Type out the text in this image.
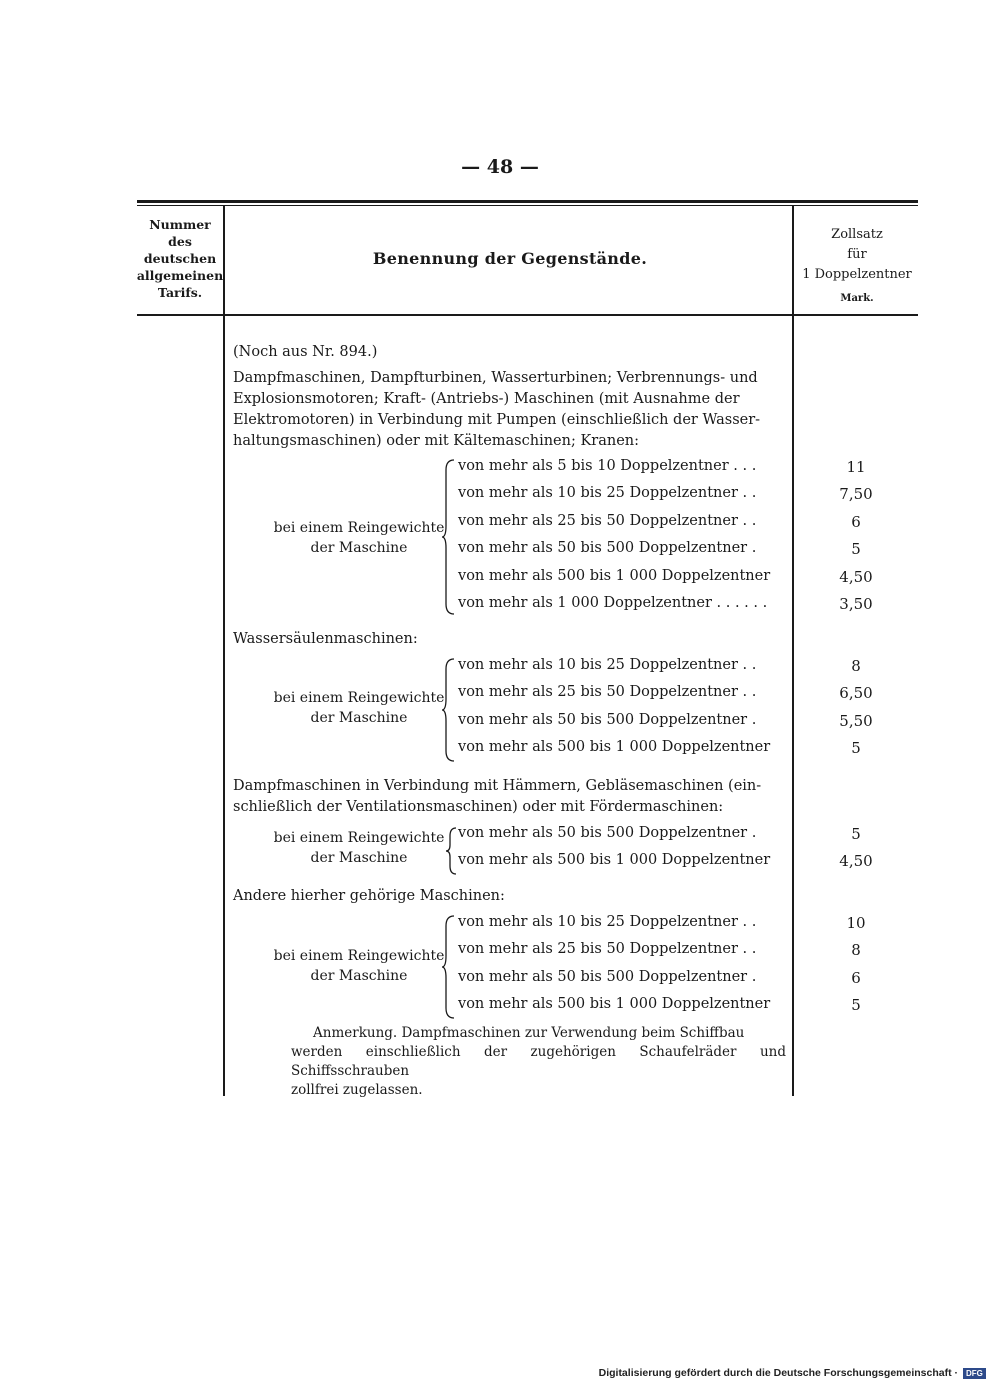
— 48 —
Nummer
des
deutschen
allgemeinen
Tarifs.
Benennung der Gegenstände.
Zollsatz
für
1 Doppelzentner
Mark.
(Noch aus Nr. 894.)
Dampfmaschinen, Dampfturbinen, Wasserturbinen; Verbrennungs- und
Explosionsmotoren; Kraft- (Antriebs-) Maschinen (mit Ausnahme der
Elektromotoren) in Verbindung mit Pumpen (einschließlich der Wasser-
haltungsmaschinen) oder mit Kältemaschinen; Kranen:
bei einem Reingewichte
der Maschine
von mehr als 5 bis 10 Doppelzentner . . .	11
von mehr als 10 bis 25 Doppelzentner . .	7,50
von mehr als 25 bis 50 Doppelzentner . .	6
von mehr als 50 bis 500 Doppelzentner .	5
von mehr als 500 bis 1 000 Doppelzentner	4,50
von mehr als 1 000 Doppelzentner . . . . . .	3,50
Wassersäulenmaschinen:
bei einem Reingewichte
der Maschine
von mehr als 10 bis 25 Doppelzentner . .	8
von mehr als 25 bis 50 Doppelzentner . .	6,50
von mehr als 50 bis 500 Doppelzentner .	5,50
von mehr als 500 bis 1 000 Doppelzentner	5
Dampfmaschinen in Verbindung mit Hämmern, Gebläsemaschinen (ein-
schließlich der Ventilationsmaschinen) oder mit Fördermaschinen:
bei einem Reingewichte
der Maschine
von mehr als 50 bis 500 Doppelzentner .	5
von mehr als 500 bis 1 000 Doppelzentner	4,50
Andere hierher gehörige Maschinen:
bei einem Reingewichte
der Maschine
von mehr als 10 bis 25 Doppelzentner . .	10
von mehr als 25 bis 50 Doppelzentner . .	8
von mehr als 50 bis 500 Doppelzentner .	6
von mehr als 500 bis 1 000 Doppelzentner	5
Anmerkung. Dampfmaschinen zur Verwendung beim Schiffbau
werden einschließlich der zugehörigen Schaufelräder und Schiffsschrauben
zollfrei zugelassen.
Digitalisierung gefördert durch die Deutsche Forschungsgemeinschaft ·	DFG
